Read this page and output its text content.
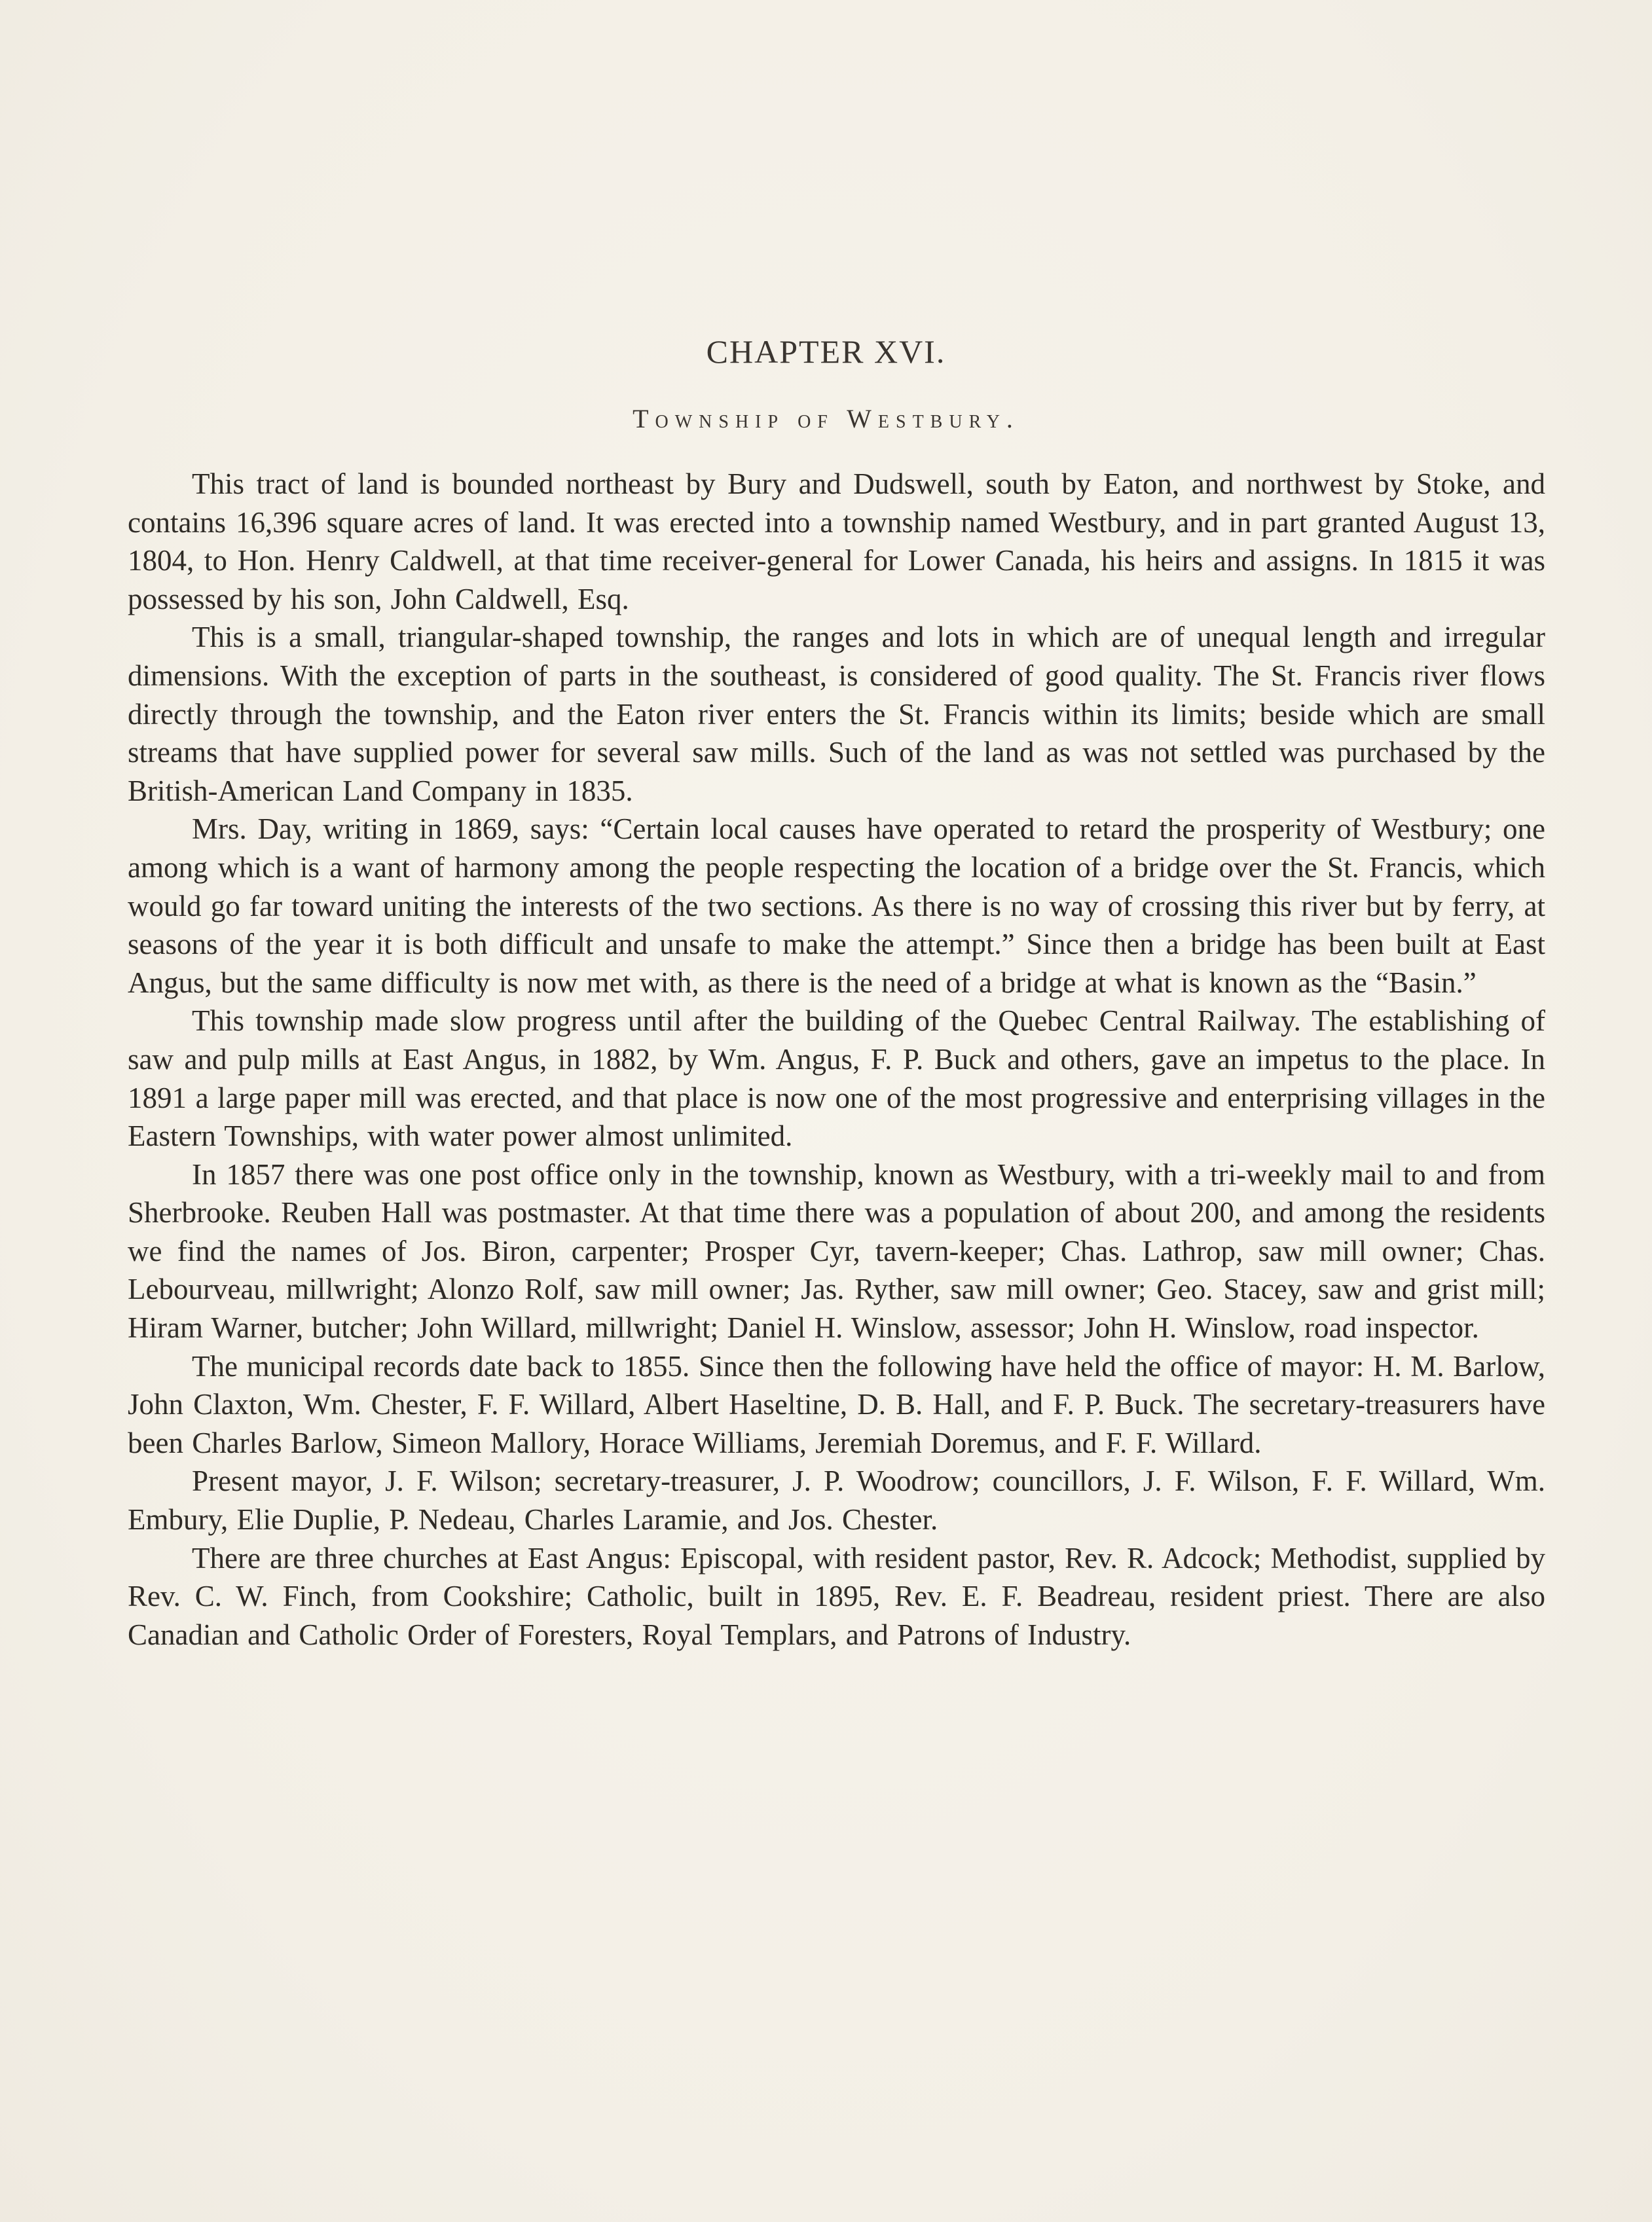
CHAPTER XVI.
Township of Westbury.

This tract of land is bounded northeast by Bury and Dudswell, south by Eaton, and northwest by Stoke, and contains 16,396 square acres of land. It was erected into a township named Westbury, and in part granted August 13, 1804, to Hon. Henry Caldwell, at that time receiver-general for Lower Canada, his heirs and assigns. In 1815 it was possessed by his son, John Caldwell, Esq.

This is a small, triangular-shaped township, the ranges and lots in which are of unequal length and irregular dimensions. With the exception of parts in the southeast, is considered of good quality. The St. Francis river flows directly through the township, and the Eaton river enters the St. Francis within its limits; beside which are small streams that have supplied power for several saw mills. Such of the land as was not settled was purchased by the British-American Land Company in 1835.

Mrs. Day, writing in 1869, says: “Certain local causes have operated to retard the prosperity of Westbury; one among which is a want of harmony among the people respecting the location of a bridge over the St. Francis, which would go far toward uniting the interests of the two sections. As there is no way of crossing this river but by ferry, at seasons of the year it is both difficult and unsafe to make the attempt.” Since then a bridge has been built at East Angus, but the same difficulty is now met with, as there is the need of a bridge at what is known as the “Basin.”

This township made slow progress until after the building of the Quebec Central Railway. The establishing of saw and pulp mills at East Angus, in 1882, by Wm. Angus, F. P. Buck and others, gave an impetus to the place. In 1891 a large paper mill was erected, and that place is now one of the most progressive and enterprising villages in the Eastern Townships, with water power almost unlimited.

In 1857 there was one post office only in the township, known as Westbury, with a tri-weekly mail to and from Sherbrooke. Reuben Hall was postmaster. At that time there was a population of about 200, and among the residents we find the names of Jos. Biron, carpenter; Prosper Cyr, tavern-keeper; Chas. Lathrop, saw mill owner; Chas. Lebourveau, millwright; Alonzo Rolf, saw mill owner; Jas. Ryther, saw mill owner; Geo. Stacey, saw and grist mill; Hiram Warner, butcher; John Willard, millwright; Daniel H. Winslow, assessor; John H. Winslow, road inspector.

The municipal records date back to 1855. Since then the following have held the office of mayor: H. M. Barlow, John Claxton, Wm. Chester, F. F. Willard, Albert Haseltine, D. B. Hall, and F. P. Buck. The secretary-treasurers have been Charles Barlow, Simeon Mallory, Horace Williams, Jeremiah Doremus, and F. F. Willard.

Present mayor, J. F. Wilson; secretary-treasurer, J. P. Woodrow; councillors, J. F. Wilson, F. F. Willard, Wm. Embury, Elie Duplie, P. Nedeau, Charles Laramie, and Jos. Chester.

There are three churches at East Angus: Episcopal, with resident pastor, Rev. R. Adcock; Methodist, supplied by Rev. C. W. Finch, from Cookshire; Catholic, built in 1895, Rev. E. F. Beadreau, resident priest. There are also Canadian and Catholic Order of Foresters, Royal Templars, and Patrons of Industry.
